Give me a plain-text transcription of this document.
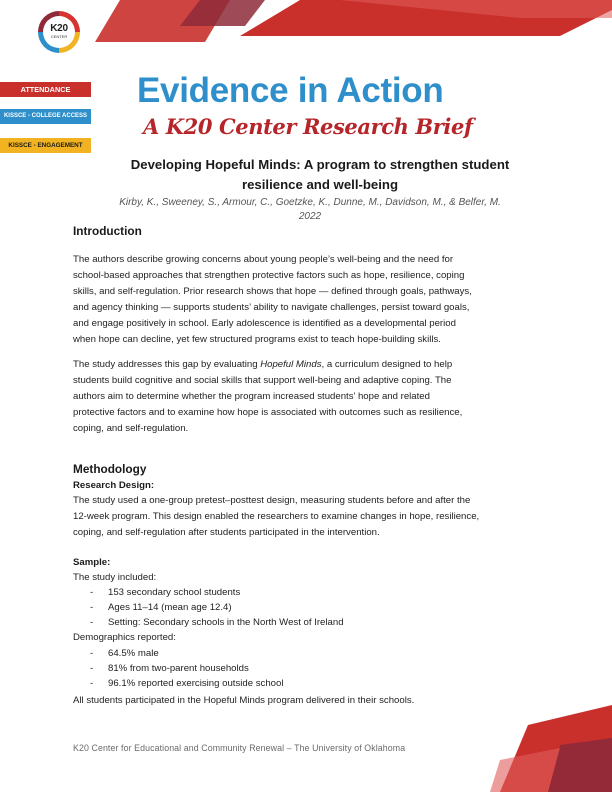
K20
CENTER
ATTENDANCE
KISSCE - COLLEGE ACCESS
KISSCE - ENGAGEMENT
Evidence in Action
A K20 Center Research Brief
Developing Hopeful Minds: A program to strengthen student
resilience and well-being
Kirby, K., Sweeney, S., Armour, C., Goetzke, K., Dunne, M., Davidson, M., & Belfer, M.
2022
Introduction
The authors describe growing concerns about young people’s well-being and the need for
school-based approaches that strengthen protective factors such as hope, resilience, coping
skills, and self-regulation. Prior research shows that hope — defined through goals, pathways,
and agency thinking — supports students’ ability to navigate challenges, persist toward goals,
and engage positively in school. Early adolescence is identified as a developmental period
when hope can decline, yet few structured programs exist to teach hope-building skills.
The study addresses this gap by evaluating Hopeful Minds, a curriculum designed to help
students build cognitive and social skills that support well-being and adaptive coping. The
authors aim to determine whether the program increased students’ hope and related
protective factors and to examine how hope is associated with outcomes such as resilience,
coping, and self-regulation.
Methodology
Research Design:
The study used a one-group pretest–posttest design, measuring students before and after the
12-week program. This design enabled the researchers to examine changes in hope, resilience,
coping, and self-regulation after students participated in the intervention.
Sample:
The study included:
- 153 secondary school students
- Ages 11–14 (mean age 12.4)
- Setting: Secondary schools in the North West of Ireland
Demographics reported:
- 64.5% male
- 81% from two-parent households
- 96.1% reported exercising outside school
All students participated in the Hopeful Minds program delivered in their schools.
K20 Center for Educational and Community Renewal – The University of Oklahoma
